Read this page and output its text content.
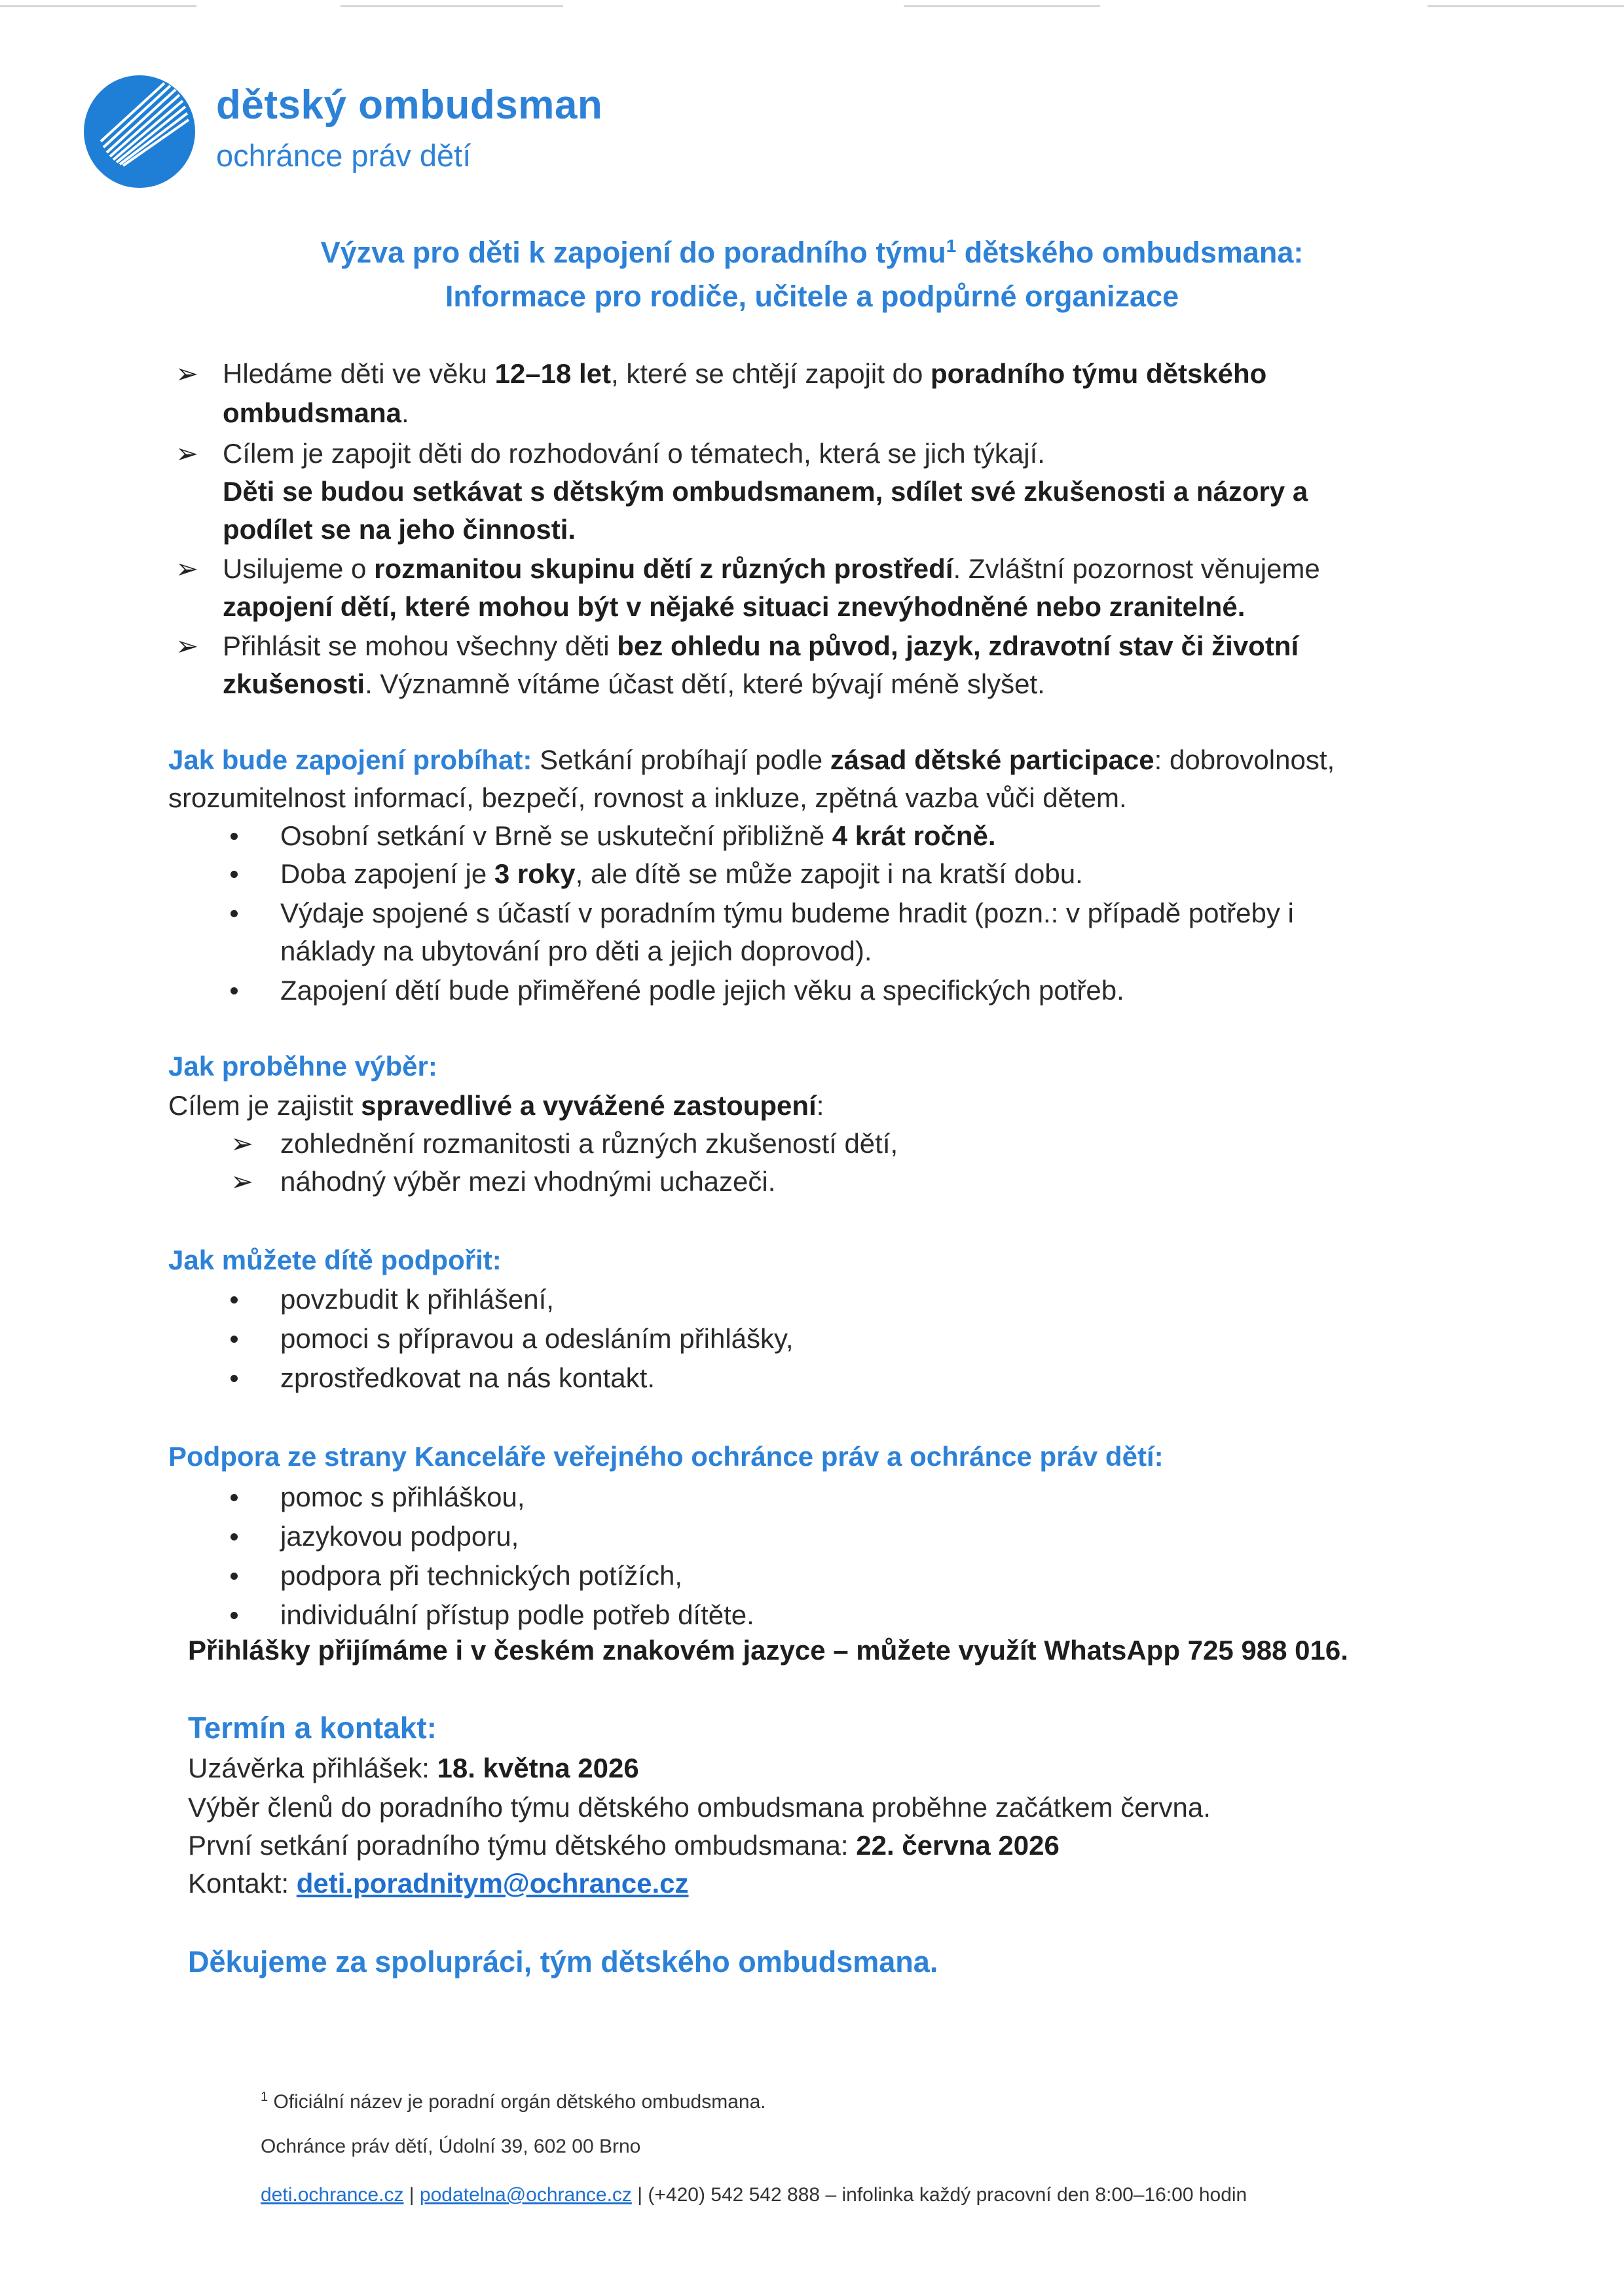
dětský ombudsman
ochránce práv dětí
Výzva pro děti k zapojení do poradního týmu$^1$ dětského ombudsmana:
Informace pro rodiče, učitele a podpůrné organizace
➢ Hledáme děti ve věku 12–18 let, které se chtějí zapojit do poradního týmu dětského
ombudsmana.
➢ Cílem je zapojit děti do rozhodování o tématech, která se jich týkají.
Děti se budou setkávat s dětským ombudsmanem, sdílet své zkušenosti a názory a
podílet se na jeho činnosti.
➢ Usilujeme o rozmanitou skupinu dětí z různých prostředí. Zvláštní pozornost věnujeme
zapojení dětí, které mohou být v nějaké situaci znevýhodněné nebo zranitelné.
➢ Přihlásit se mohou všechny děti bez ohledu na původ, jazyk, zdravotní stav či životní
zkušenosti. Významně vítáme účast dětí, které bývají méně slyšet.
Jak bude zapojení probíhat: Setkání probíhají podle zásad dětské participace: dobrovolnost,
srozumitelnost informací, bezpečí, rovnost a inkluze, zpětná vazba vůči dětem.
Osobní setkání v Brně se uskuteční přibližně 4 krát ročně.
Doba zapojení je 3 roky, ale dítě se může zapojit i na kratší dobu.
Výdaje spojené s účastí v poradním týmu budeme hradit (pozn.: v případě potřeby i
náklady na ubytování pro děti a jejich doprovod).
Zapojení dětí bude přiměřené podle jejich věku a specifických potřeb.
Jak proběhne výběr:
Cílem je zajistit spravedlivé a vyvážené zastoupení:
➢ zohlednění rozmanitosti a různých zkušeností dětí,
➢ náhodný výběr mezi vhodnými uchazeči.
Jak můžete dítě podpořit:
povzbudit k přihlášení,
pomoci s přípravou a odesláním přihlášky,
zprostředkovat na nás kontakt.
Podpora ze strany Kanceláře veřejného ochránce práv a ochránce práv dětí:
pomoc s přihláškou,
jazykovou podporu,
podpora při technických potížích,
individuální přístup podle potřeb dítěte.
Přihlášky přijímáme i v českém znakovém jazyce – můžete využít WhatsApp 725 988 016.
Termín a kontakt:
Uzávěrka přihlášek: 18. května 2026
Výběr členů do poradního týmu dětského ombudsmana proběhne začátkem června.
První setkání poradního týmu dětského ombudsmana: 22. června 2026
Kontakt: deti.poradnitym@ochrance.cz
Děkujeme za spolupráci, tým dětského ombudsmana.
$^1$ Oficiální název je poradní orgán dětského ombudsmana.
Ochránce práv dětí, Údolní 39, 602 00 Brno
deti.ochrance.cz | podatelna@ochrance.cz | (+420) 542 542 888 – infolinka každý pracovní den 8:00–16:00 hodin
